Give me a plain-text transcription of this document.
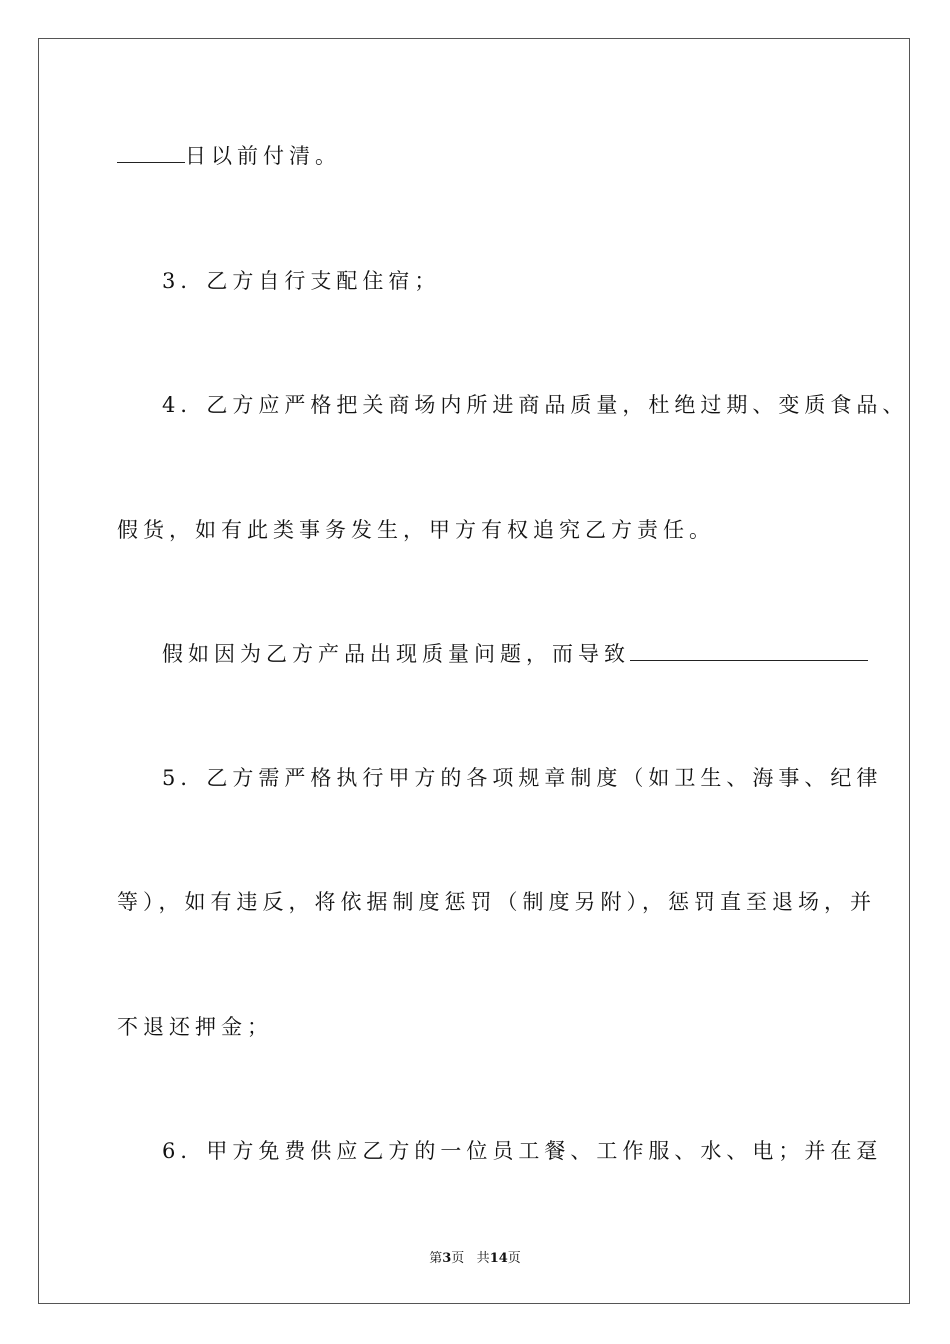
日以前付清。
3．乙方自行支配住宿；
4．乙方应严格把关商场内所进商品质量，杜绝过期、变质食品、
假货，如有此类事务发生，甲方有权追究乙方责任。
假如因为乙方产品出现质量问题，而导致
5．乙方需严格执行甲方的各项规章制度（如卫生、海事、纪律
等），如有违反，将依据制度惩罚（制度另附），惩罚直至退场，并
不退还押金；
6．甲方免费供应乙方的一位员工餐、工作服、水、电；并在趸
第3页 共14页
